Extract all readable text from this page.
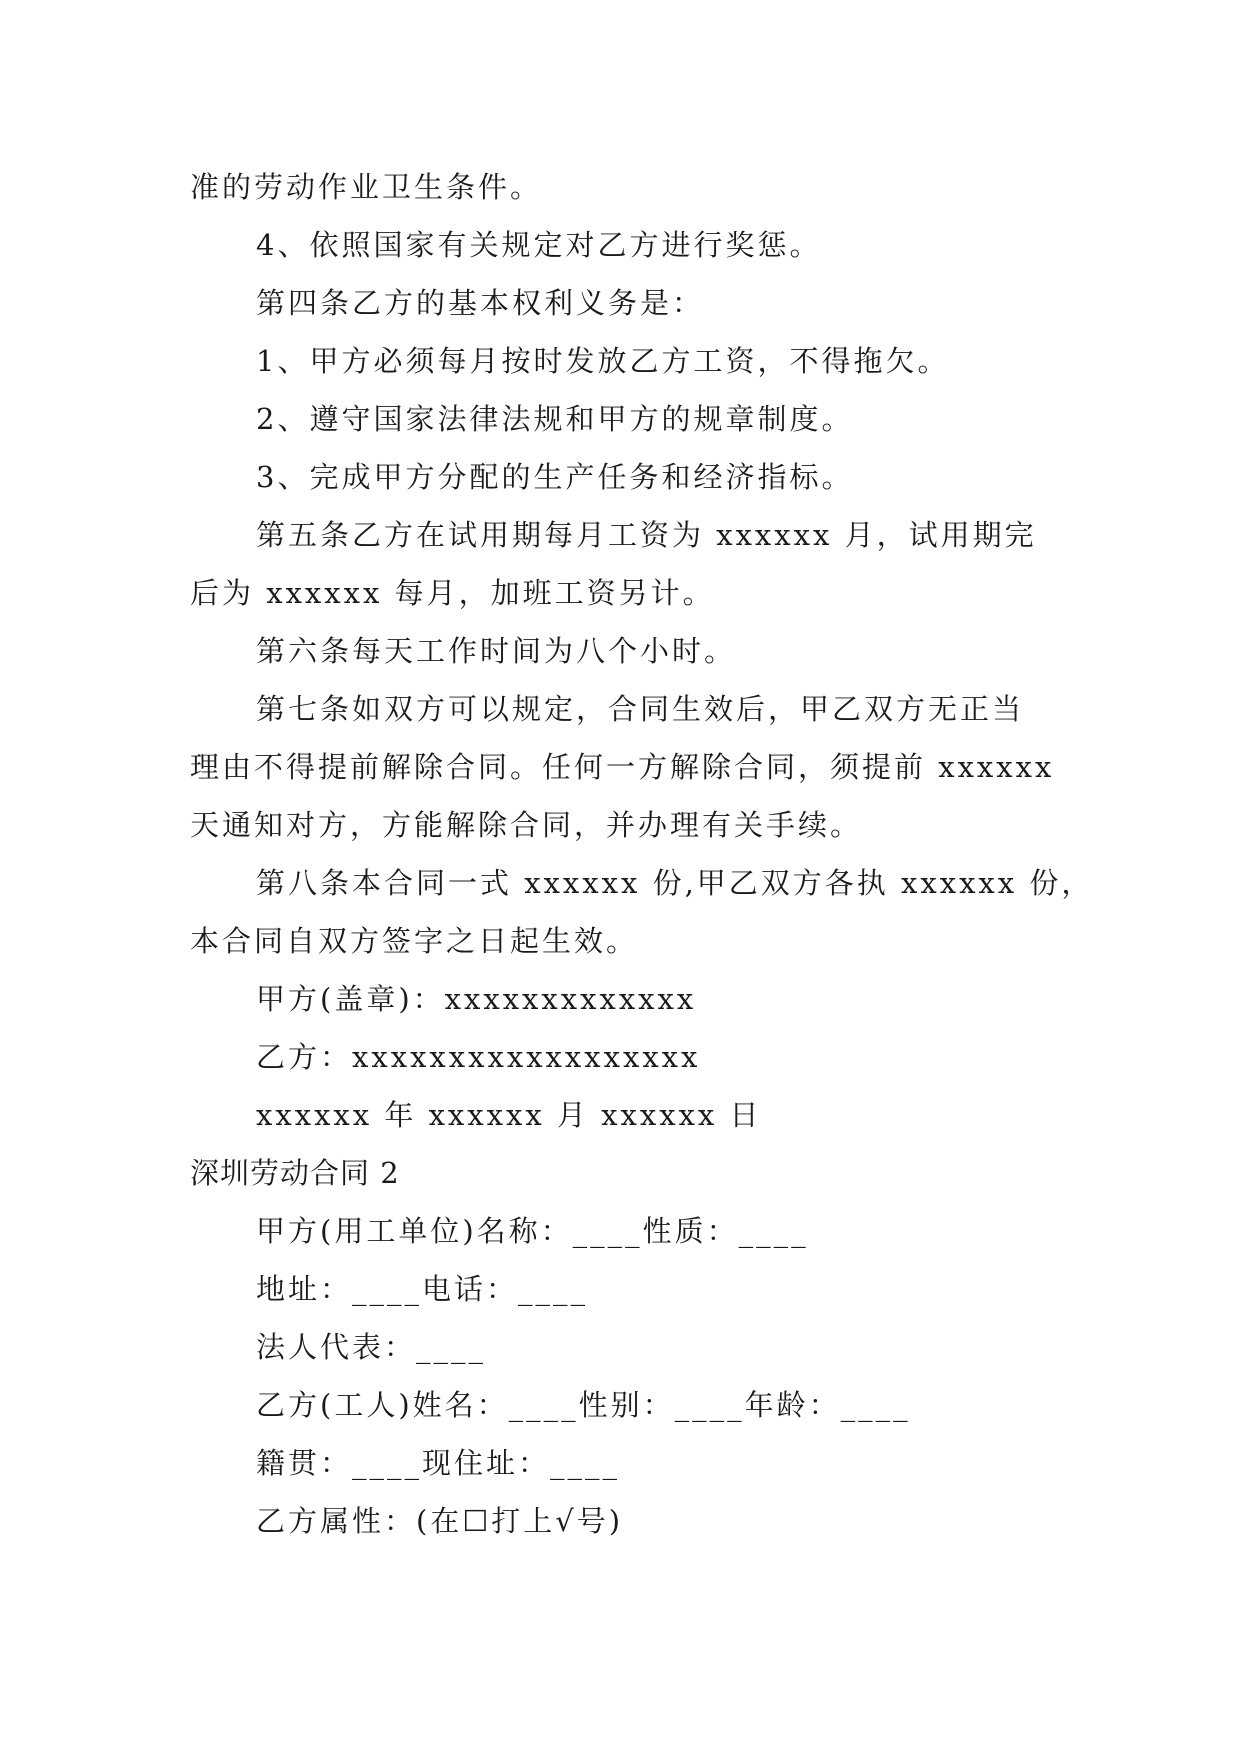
准的劳动作业卫生条件。

4、依照国家有关规定对乙方进行奖惩。

第四条乙方的基本权利义务是：

1、甲方必须每月按时发放乙方工资，不得拖欠。

2、遵守国家法律法规和甲方的规章制度。

3、完成甲方分配的生产任务和经济指标。

第五条乙方在试用期每月工资为 xxxxxx 月，试用期完

后为 xxxxxx 每月，加班工资另计。

第六条每天工作时间为八个小时。

第七条如双方可以规定，合同生效后，甲乙双方无正当

理由不得提前解除合同。任何一方解除合同，须提前 xxxxxx

天通知对方，方能解除合同，并办理有关手续。

第八条本合同一式 xxxxxx 份,甲乙双方各执 xxxxxx 份，

本合同自双方签字之日起生效。

甲方(盖章)：xxxxxxxxxxxxx

乙方：xxxxxxxxxxxxxxxxxx

xxxxxx 年 xxxxxx 月 xxxxxx 日

深圳劳动合同 2

甲方(用工单位)名称：____性质：____

地址：____电话：____

法人代表：____

乙方(工人)姓名：____性别：____年龄：____

籍贯：____现住址：____

乙方属性：(在☐打上√号)
